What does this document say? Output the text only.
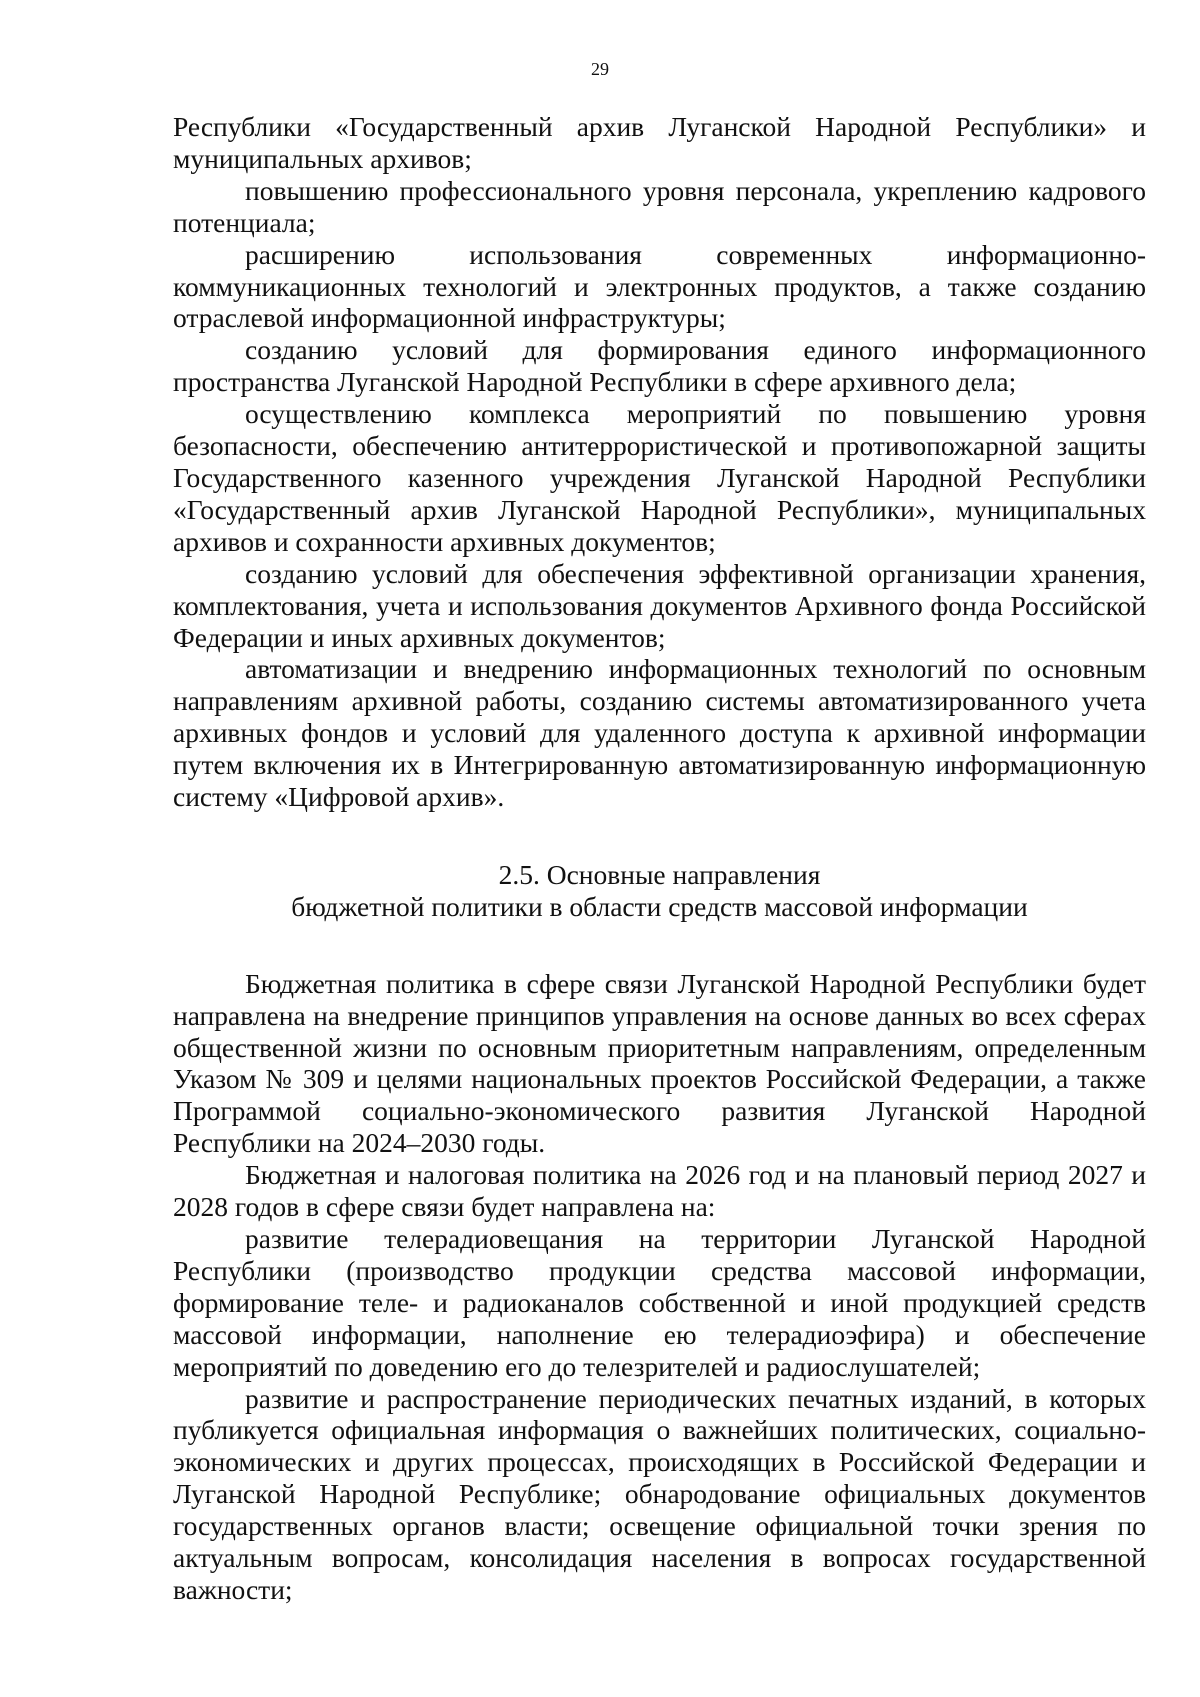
29

Республики «Государственный архив Луганской Народной Республики» и муниципальных архивов;

повышению профессионального уровня персонала, укреплению кадрового потенциала;

расширению использования современных информационно-коммуникационных технологий и электронных продуктов, а также созданию отраслевой информационной инфраструктуры;

созданию условий для формирования единого информационного пространства Луганской Народной Республики в сфере архивного дела;

осуществлению комплекса мероприятий по повышению уровня безопасности, обеспечению антитеррористической и противопожарной защиты Государственного казенного учреждения Луганской Народной Республики «Государственный архив Луганской Народной Республики», муниципальных архивов и сохранности архивных документов;

созданию условий для обеспечения эффективной организации хранения, комплектования, учета и использования документов Архивного фонда Российской Федерации и иных архивных документов;

автоматизации и внедрению информационных технологий по основным направлениям архивной работы, созданию системы автоматизированного учета архивных фондов и условий для удаленного доступа к архивной информации путем включения их в Интегрированную автоматизированную информационную систему «Цифровой архив».

2.5. Основные направления
бюджетной политики в области средств массовой информации

Бюджетная политика в сфере связи Луганской Народной Республики будет направлена на внедрение принципов управления на основе данных во всех сферах общественной жизни по основным приоритетным направлениям, определенным Указом № 309 и целями национальных проектов Российской Федерации, а также Программой социально-экономического развития Луганской Народной Республики на 2024–2030 годы.

Бюджетная и налоговая политика на 2026 год и на плановый период 2027 и 2028 годов в сфере связи будет направлена на:

развитие телерадиовещания на территории Луганской Народной Республики (производство продукции средства массовой информации, формирование теле- и радиоканалов собственной и иной продукцией средств массовой информации, наполнение ею телерадиоэфира) и обеспечение мероприятий по доведению его до телезрителей и радиослушателей;

развитие и распространение периодических печатных изданий, в которых публикуется официальная информация о важнейших политических, социально-экономических и других процессах, происходящих в Российской Федерации и Луганской Народной Республике; обнародование официальных документов государственных органов власти; освещение официальной точки зрения по актуальным вопросам, консолидация населения в вопросах государственной важности;
